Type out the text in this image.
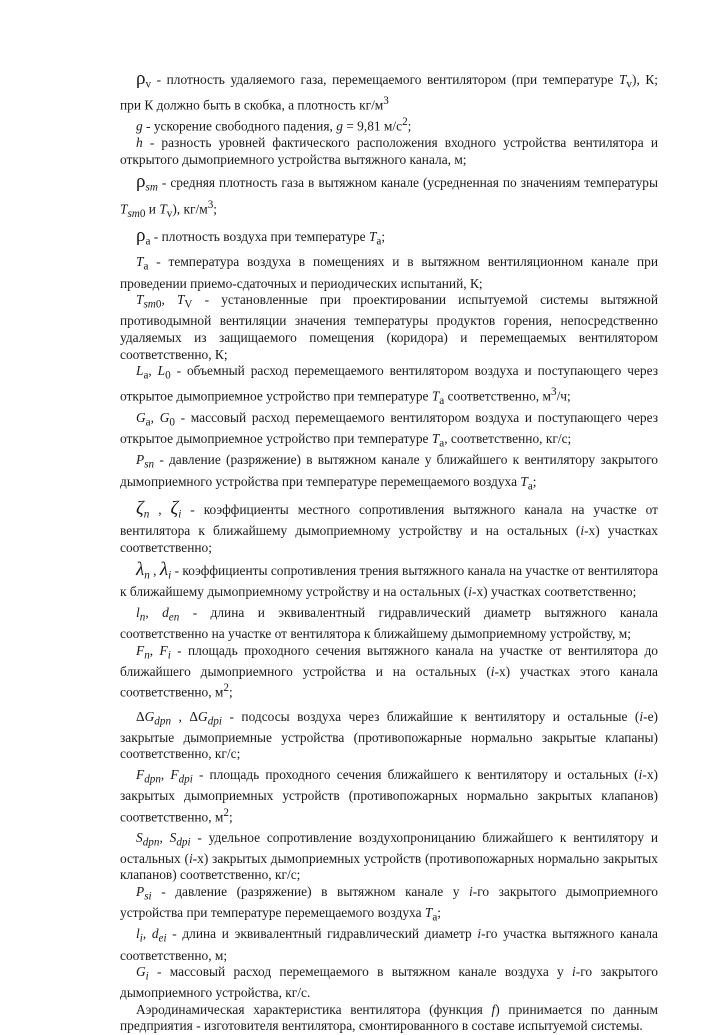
$\rho_v$ - плотность удаляемого газа, перемещаемого вентилятором (при температуре $T_v$), К; при К должно быть в скобка, а плотность $кг/м^3$

g - ускорение свободного падения, g = 9,81 $м/с^2$;

h - разность уровней фактического расположения входного устройства вентилятора и открытого дымоприемного устройства вытяжного канала, м;

$\rho_{sm}$ - средняя плотность газа в вытяжном канале (усредненная по значениям температуры $T_{sm0}$ и $T_v$), $кг/м^3$;

$\rho_a$ - плотность воздуха при температуре $T_a$;

$T_a$ - температура воздуха в помещениях и в вытяжном вентиляционном канале при проведении приемо-сдаточных и периодических испытаний, К;

$T_{sm0}$, $T_V$ - установленные при проектировании испытуемой системы вытяжной противодымной вентиляции значения температуры продуктов горения, непосредственно удаляемых из защищаемого помещения (коридора) и перемещаемых вентилятором соответственно, К;

$L_a$, $L_0$ - объемный расход перемещаемого вентилятором воздуха и поступающего через открытое дымоприемное устройство при температуре $T_a$ соответственно, $м^3/ч$;

$G_a$, $G_0$ - массовый расход перемещаемого вентилятором воздуха и поступающего через открытое дымоприемное устройство при температуре $T_a$, соответственно, кг/с;

$P_{sn}$ - давление (разряжение) в вытяжном канале у ближайшего к вентилятору закрытого дымоприемного устройства при температуре перемещаемого воздуха $T_a$;

$\zeta_n$ , $\zeta_i$ - коэффициенты местного сопротивления вытяжного канала на участке от вентилятора к ближайшему дымоприемному устройству и на остальных (i-х) участках соответственно;

$\lambda_n$ , $\lambda_i$ - коэффициенты сопротивления трения вытяжного канала на участке от вентилятора к ближайшему дымоприемному устройству и на остальных (i-х) участках соответственно;

$l_n$, $d_{en}$ - длина и эквивалентный гидравлический диаметр вытяжного канала соответственно на участке от вентилятора к ближайшему дымоприемному устройству, м;

$F_n$, $F_i$ - площадь проходного сечения вытяжного канала на участке от вентилятора до ближайшего дымоприемного устройства и на остальных (i-х) участках этого канала соответственно, $м^2$;

$\Delta G_{dpn}$ , $\Delta G_{dpi}$ - подсосы воздуха через ближайшие к вентилятору и остальные (i-е) закрытые дымоприемные устройства (противопожарные нормально закрытые клапаны) соответственно, кг/с;

$F_{dpn}$, $F_{dpi}$ - площадь проходного сечения ближайшего к вентилятору и остальных (i-х) закрытых дымоприемных устройств (противопожарных нормально закрытых клапанов) соответственно, $м^2$;

$S_{dpn}$, $S_{dpi}$ - удельное сопротивление воздухопроницанию ближайшего к вентилятору и остальных (i-х) закрытых дымоприемных устройств (противопожарных нормально закрытых клапанов) соответственно, кг/с;

$P_{si}$ - давление (разряжение) в вытяжном канале у i-го закрытого дымоприемного устройства при температуре перемещаемого воздуха $T_a$;

$l_i$, $d_{ei}$ - длина и эквивалентный гидравлический диаметр i-го участка вытяжного канала соответственно, м;

$G_i$ - массовый расход перемещаемого в вытяжном канале воздуха у i-го закрытого дымоприемного устройства, кг/с.

Аэродинамическая характеристика вентилятора (функция f) принимается по данным предприятия - изготовителя вентилятора, смонтированного в составе испытуемой системы.
